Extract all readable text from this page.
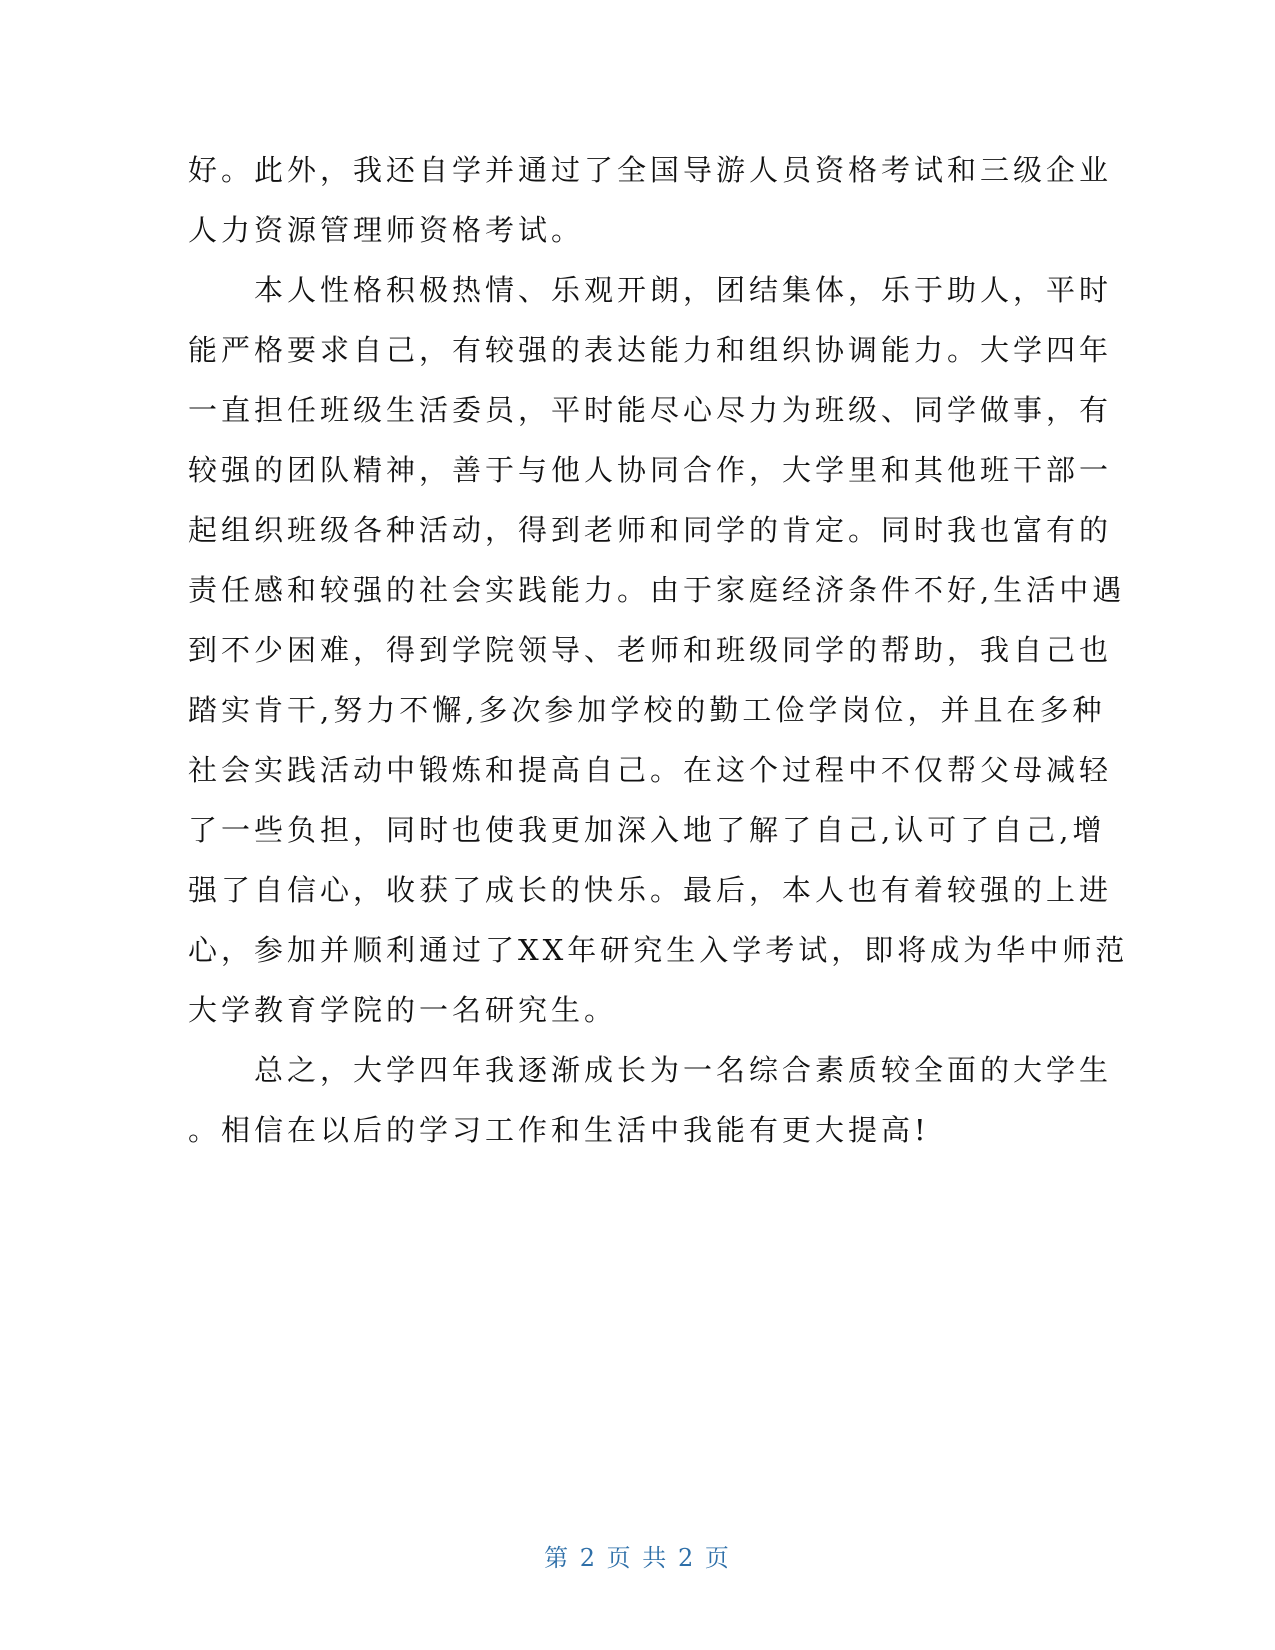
好。此外，我还自学并通过了全国导游人员资格考试和三级企业
人力资源管理师资格考试。
　　本人性格积极热情、乐观开朗，团结集体，乐于助人，平时
能严格要求自己，有较强的表达能力和组织协调能力。大学四年
一直担任班级生活委员，平时能尽心尽力为班级、同学做事，有
较强的团队精神，善于与他人协同合作，大学里和其他班干部一
起组织班级各种活动，得到老师和同学的肯定。同时我也富有的
责任感和较强的社会实践能力。由于家庭经济条件不好,生活中遇
到不少困难，得到学院领导、老师和班级同学的帮助，我自己也
踏实肯干,努力不懈,多次参加学校的勤工俭学岗位，并且在多种
社会实践活动中锻炼和提高自己。在这个过程中不仅帮父母减轻
了一些负担，同时也使我更加深入地了解了自己,认可了自己,增
强了自信心，收获了成长的快乐。最后，本人也有着较强的上进
心，参加并顺利通过了XX年研究生入学考试，即将成为华中师范
大学教育学院的一名研究生。
　　总之，大学四年我逐渐成长为一名综合素质较全面的大学生
。相信在以后的学习工作和生活中我能有更大提高!
第 2 页 共 2 页
